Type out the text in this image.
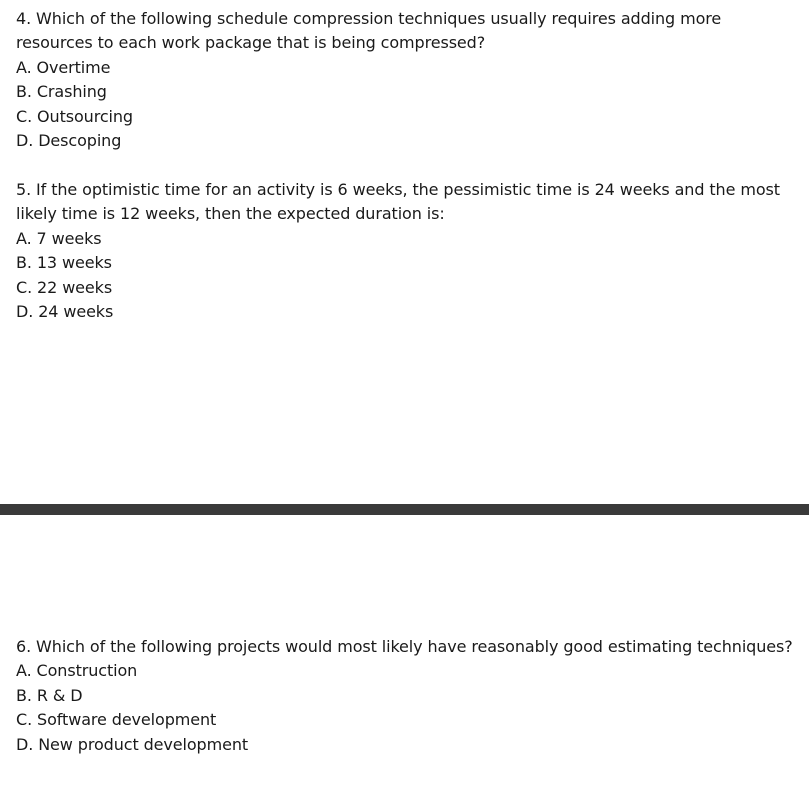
4. Which of the following schedule compression techniques usually requires adding more resources to each work package that is being compressed?
A. Overtime
B. Crashing
C. Outsourcing
D. Descoping
5. If the optimistic time for an activity is 6 weeks, the pessimistic time is 24 weeks and the most likely time is 12 weeks, then the expected duration is:
A. 7 weeks
B. 13 weeks
C. 22 weeks
D. 24 weeks
6. Which of the following projects would most likely have reasonably good estimating techniques?
A. Construction
B. R & D
C. Software development
D. New product development
